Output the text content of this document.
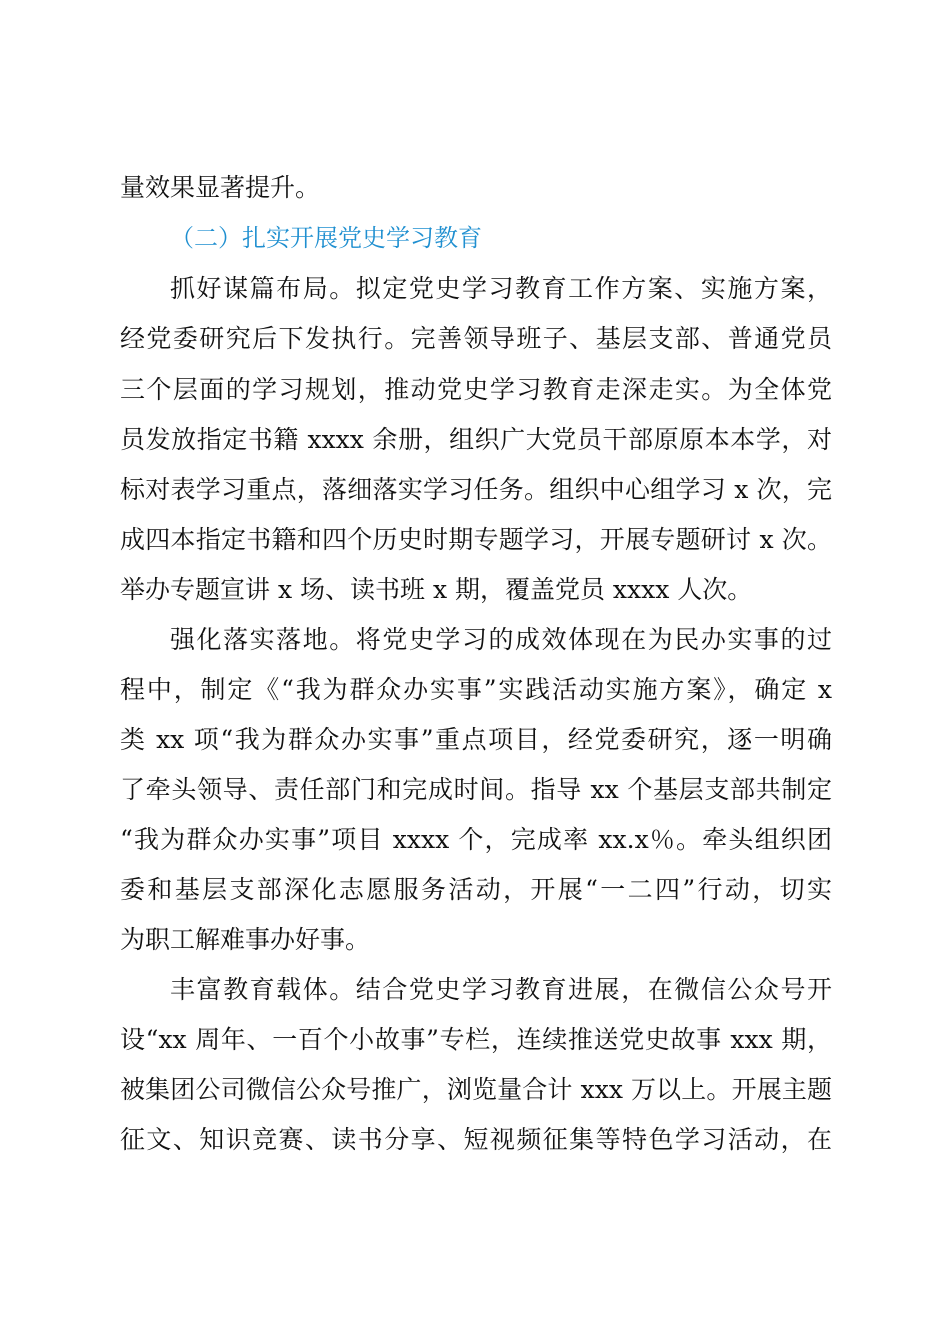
量效果显著提升。
（二）扎实开展党史学习教育
抓好谋篇布局。拟定党史学习教育工作方案、实施方案，
经党委研究后下发执行。完善领导班子、基层支部、普通党员
三个层面的学习规划，推动党史学习教育走深走实。为全体党
员发放指定书籍 xxxx 余册，组织广大党员干部原原本本学，对
标对表学习重点，落细落实学习任务。组织中心组学习 x 次，完
成四本指定书籍和四个历史时期专题学习，开展专题研讨 x 次。
举办专题宣讲 x 场、读书班 x 期，覆盖党员 xxxx 人次。
强化落实落地。将党史学习的成效体现在为民办实事的过
程中，制定《“我为群众办实事”实践活动实施方案》，确定 x
类 xx 项“我为群众办实事”重点项目，经党委研究，逐一明确
了牵头领导、责任部门和完成时间。指导 xx 个基层支部共制定
“我为群众办实事”项目 xxxx 个，完成率 xx.x％。牵头组织团
委和基层支部深化志愿服务活动，开展“一二四”行动，切实
为职工解难事办好事。
丰富教育载体。结合党史学习教育进展，在微信公众号开
设“xx 周年、一百个小故事”专栏，连续推送党史故事 xxx 期，
被集团公司微信公众号推广，浏览量合计 xxx 万以上。开展主题
征文、知识竞赛、读书分享、短视频征集等特色学习活动，在
